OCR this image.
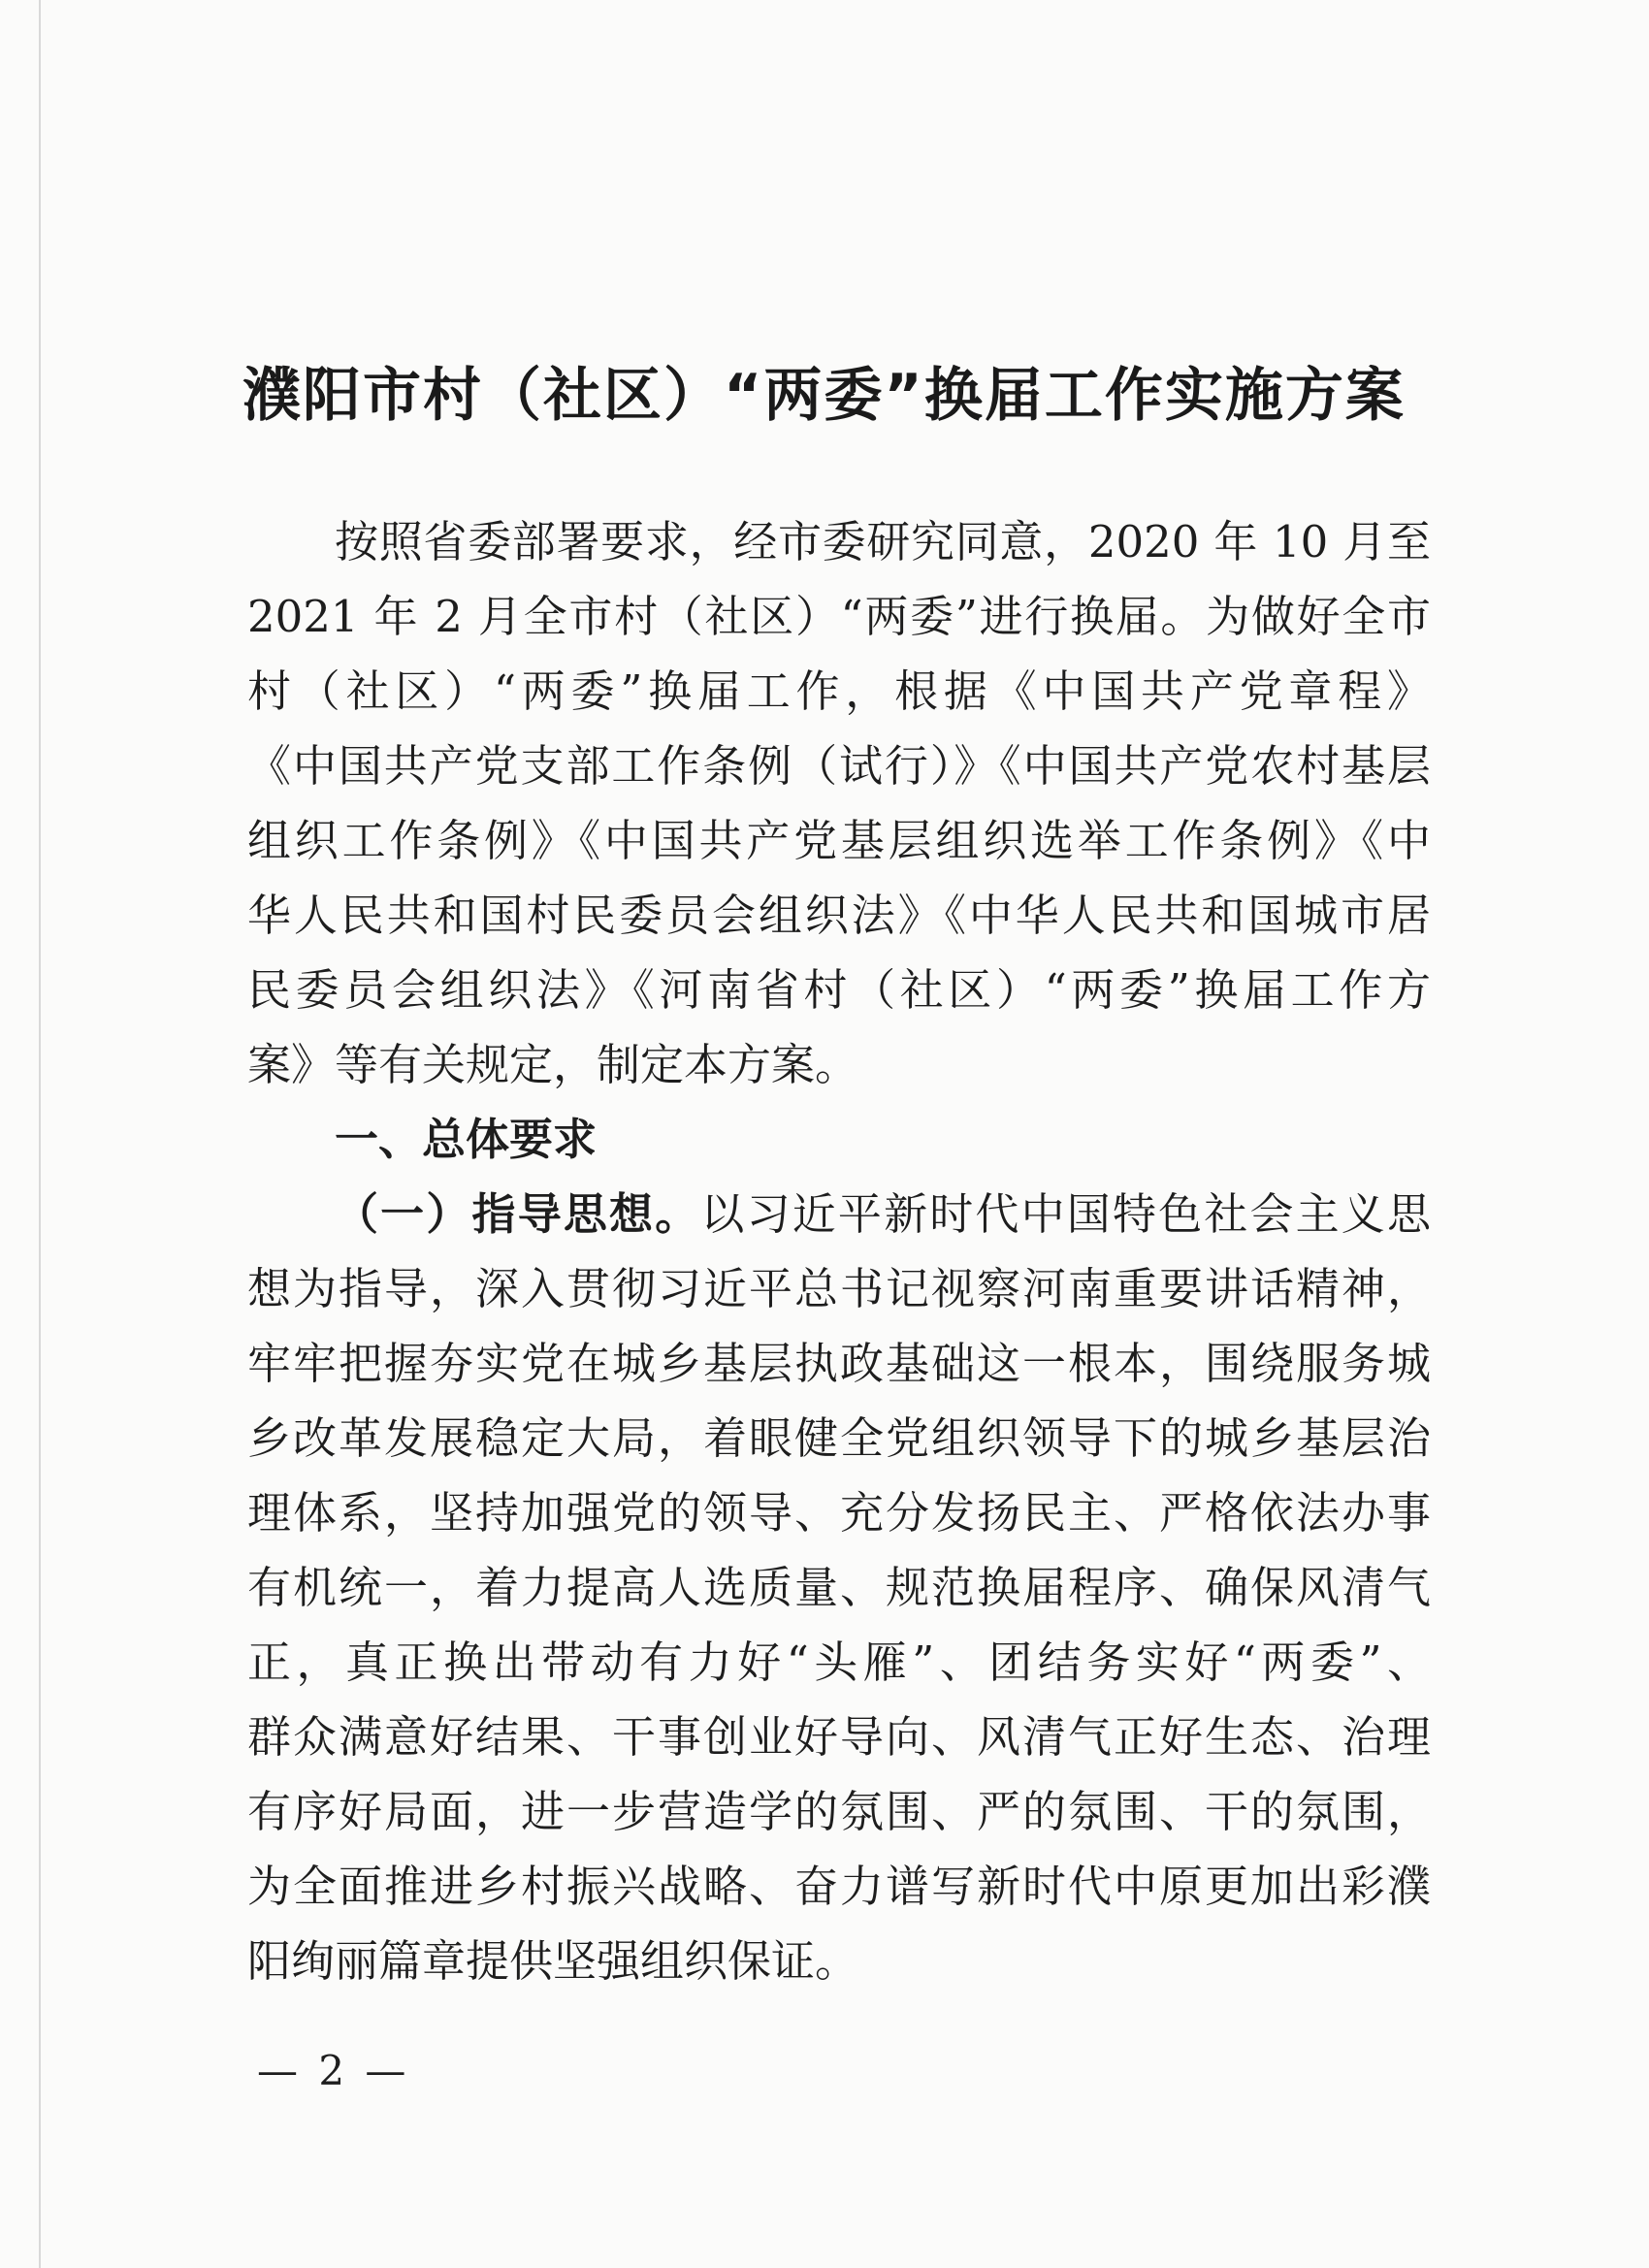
濮阳市村（社区）“两委”换届工作实施方案
按照省委部署要求，经市委研究同意，2020 年 10 月至
2021 年 2 月全市村（社区）“两委”进行换届。为做好全市
村（社区）“两委”换届工作，根据《中国共产党章程》
《中国共产党支部工作条例（试行）》《中国共产党农村基层
组织工作条例》《中国共产党基层组织选举工作条例》《中
华人民共和国村民委员会组织法》《中华人民共和国城市居
民委员会组织法》《河南省村（社区）“两委”换届工作方
案》等有关规定，制定本方案。
一、总体要求
（一）指导思想。以习近平新时代中国特色社会主义思
想为指导，深入贯彻习近平总书记视察河南重要讲话精神，
牢牢把握夯实党在城乡基层执政基础这一根本，围绕服务城
乡改革发展稳定大局，着眼健全党组织领导下的城乡基层治
理体系，坚持加强党的领导、充分发扬民主、严格依法办事
有机统一，着力提高人选质量、规范换届程序、确保风清气
正，真正换出带动有力好“头雁”、团结务实好“两委”、
群众满意好结果、干事创业好导向、风清气正好生态、治理
有序好局面，进一步营造学的氛围、严的氛围、干的氛围，
为全面推进乡村振兴战略、奋力谱写新时代中原更加出彩濮
阳绚丽篇章提供坚强组织保证。
— 2 —
